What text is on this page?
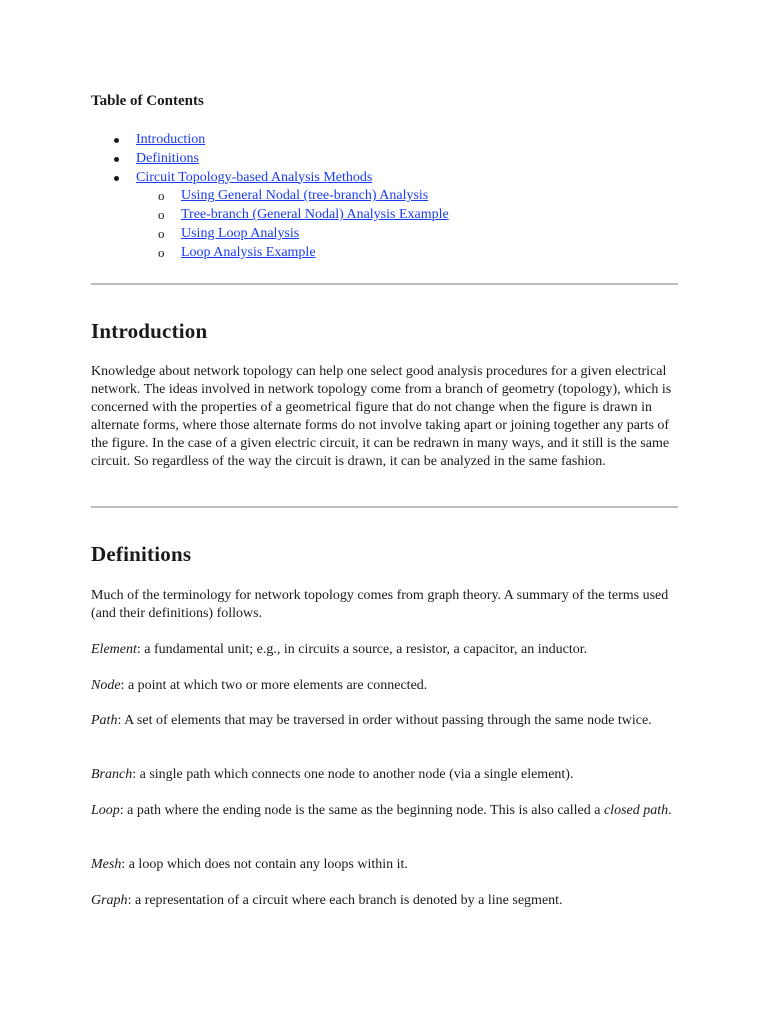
Table of Contents
Introduction
Definitions
Circuit Topology-based Analysis Methods
o Using General Nodal (tree-branch) Analysis
o Tree-branch (General Nodal) Analysis Example
o Using Loop Analysis
o Loop Analysis Example
Introduction

Knowledge about network topology can help one select good analysis procedures for a given electrical network. The ideas involved in network topology come from a branch of geometry (topology), which is concerned with the properties of a geometrical figure that do not change when the figure is drawn in alternate forms, where those alternate forms do not involve taking apart or joining together any parts of the figure. In the case of a given electric circuit, it can be redrawn in many ways, and it still is the same circuit. So regardless of the way the circuit is drawn, it can be analyzed in the same fashion.

Definitions

Much of the terminology for network topology comes from graph theory. A summary of the terms used (and their definitions) follows.

Element: a fundamental unit; e.g., in circuits a source, a resistor, a capacitor, an inductor.

Node: a point at which two or more elements are connected.

Path: A set of elements that may be traversed in order without passing through the same node twice.

Branch: a single path which connects one node to another node (via a single element).

Loop: a path where the ending node is the same as the beginning node. This is also called a closed path.

Mesh: a loop which does not contain any loops within it.

Graph: a representation of a circuit where each branch is denoted by a line segment.
